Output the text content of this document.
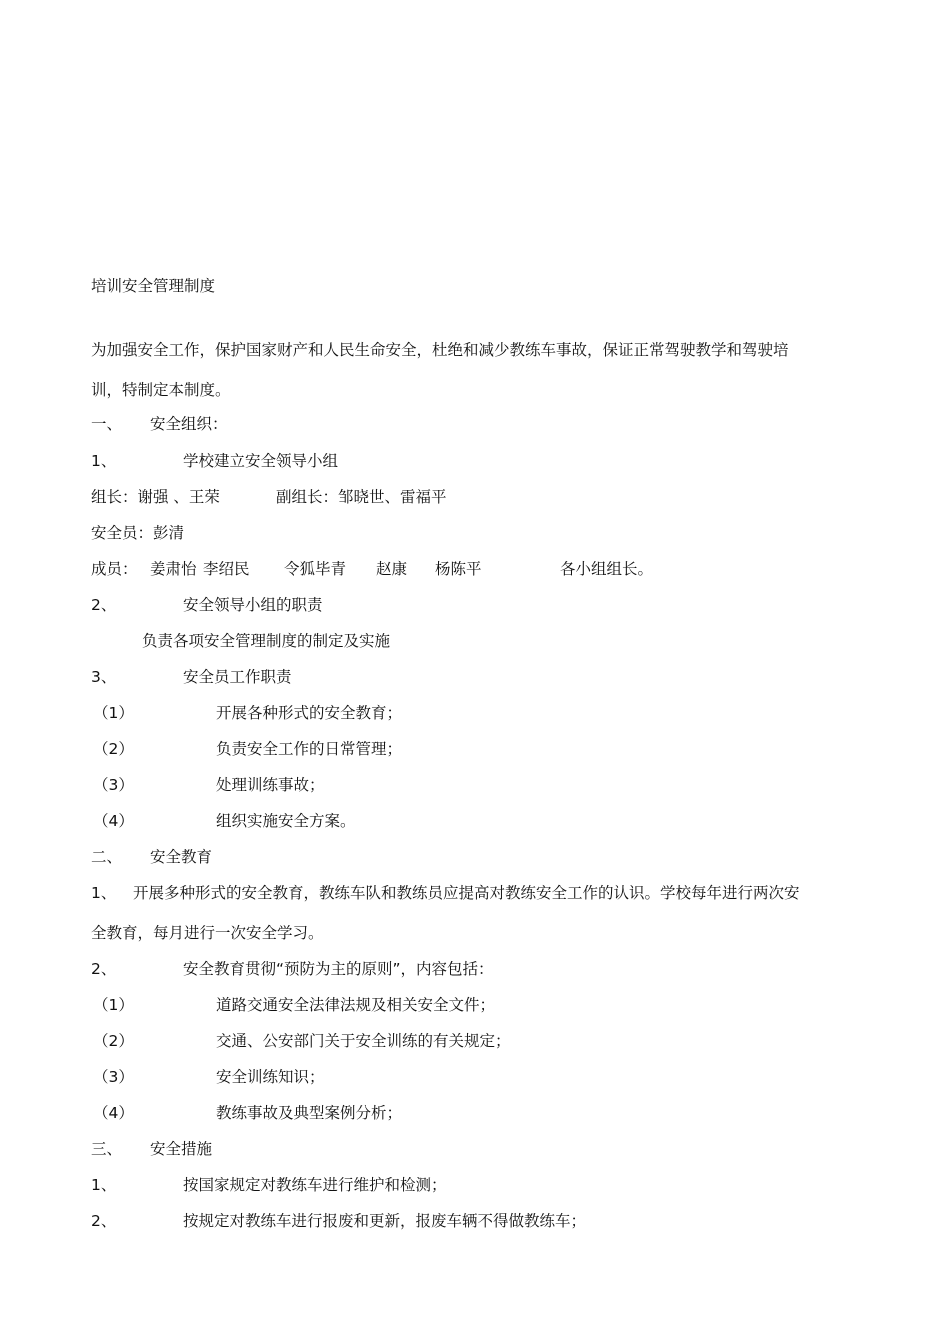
培训安全管理制度
为加强安全工作，保护国家财产和人民生命安全，杜绝和减少教练车事故，保证正常驾驶教学和驾驶培
训，特制定本制度。
一、 安全组织：
1、	学校建立安全领导小组
组长：谢强 、王荣	副组长：邹晓世、雷福平
安全员：彭清
成员： 姜肃怡 李绍民 令狐毕青 赵康 杨陈平	各小组组长。
2、	安全领导小组的职责
负责各项安全管理制度的制定及实施
3、	安全员工作职责
（1）	开展各种形式的安全教育；
（2）	负责安全工作的日常管理；
（3）	处理训练事故；
（4）	组织实施安全方案。
二、 安全教育
1、 开展多种形式的安全教育，教练车队和教练员应提高对教练安全工作的认识。学校每年进行两次安
全教育，每月进行一次安全学习。
2、	安全教育贯彻“预防为主的原则”，内容包括：
（1）	道路交通安全法律法规及相关安全文件；
（2）	交通、公安部门关于安全训练的有关规定；
（3）	安全训练知识；
（4）	教练事故及典型案例分析；
三、 安全措施
1、	按国家规定对教练车进行维护和检测；
2、	按规定对教练车进行报废和更新，报废车辆不得做教练车；
